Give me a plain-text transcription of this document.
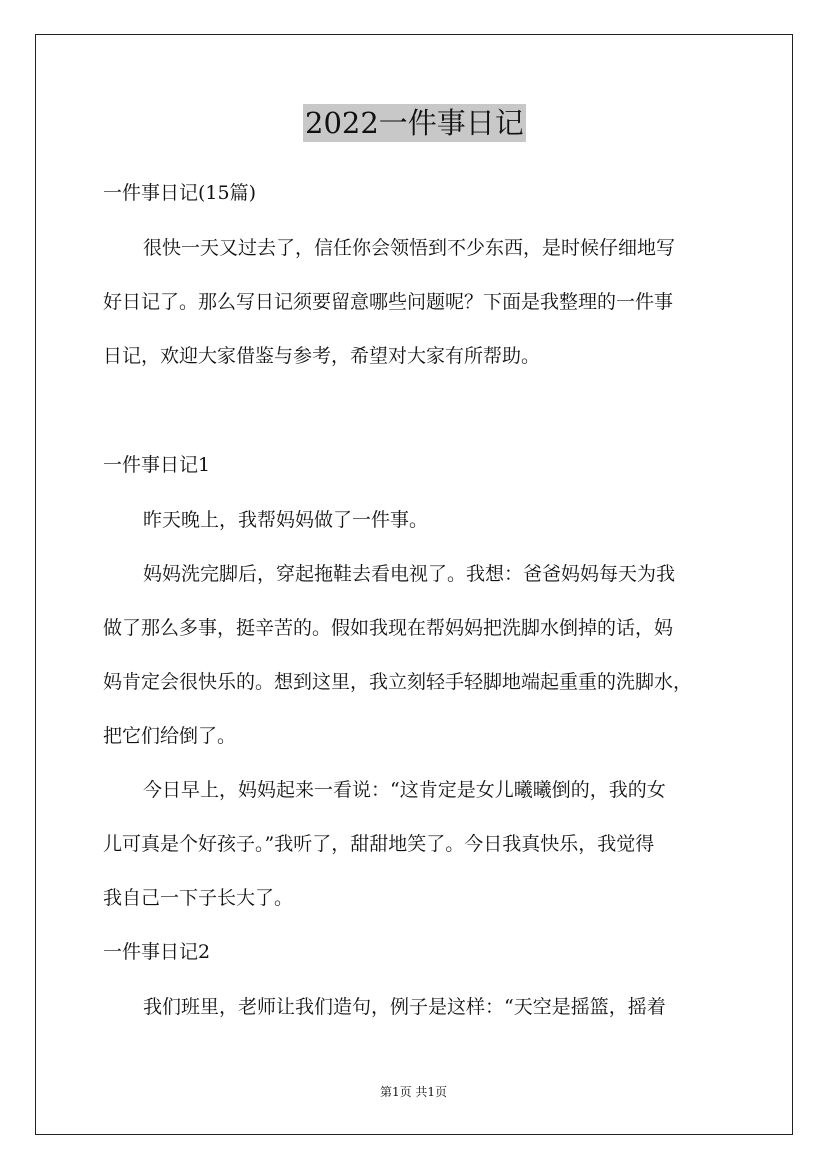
2022一件事日记
一件事日记(15篇)
很快一天又过去了，信任你会领悟到不少东西，是时候仔细地写
好日记了。那么写日记须要留意哪些问题呢？下面是我整理的一件事
日记，欢迎大家借鉴与参考，希望对大家有所帮助。
一件事日记1
昨天晚上，我帮妈妈做了一件事。
妈妈洗完脚后，穿起拖鞋去看电视了。我想：爸爸妈妈每天为我
做了那么多事，挺辛苦的。假如我现在帮妈妈把洗脚水倒掉的话，妈
妈肯定会很快乐的。想到这里，我立刻轻手轻脚地端起重重的洗脚水，
把它们给倒了。
今日早上，妈妈起来一看说：“这肯定是女儿曦曦倒的，我的女
儿可真是个好孩子。”我听了，甜甜地笑了。今日我真快乐，我觉得
我自己一下子长大了。
一件事日记2
我们班里，老师让我们造句，例子是这样：“天空是摇篮，摇着
第1页 共1页
